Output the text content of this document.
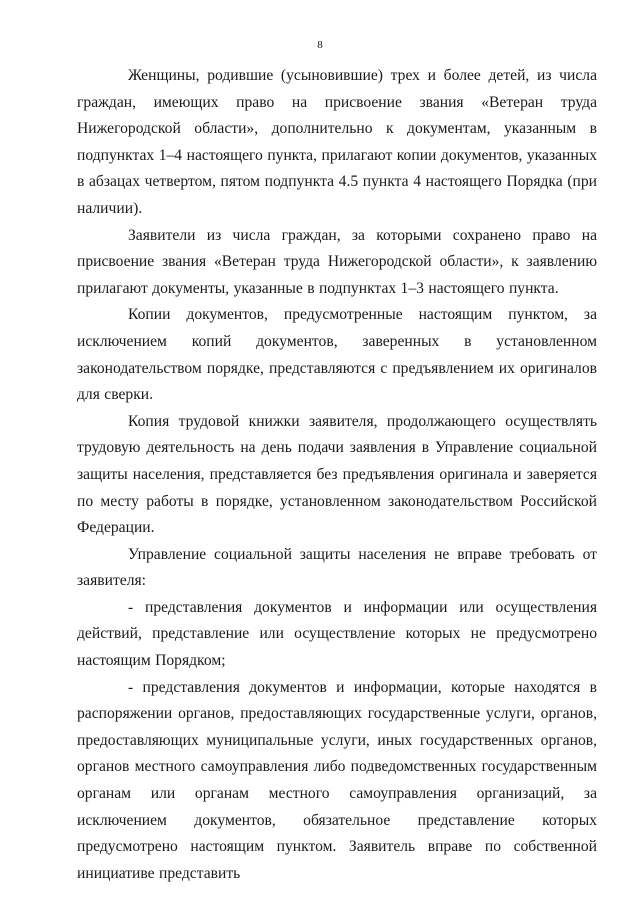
8

Женщины, родившие (усыновившие) трех и более детей, из числа граждан, имеющих право на присвоение звания «Ветеран труда Нижегородской области», дополнительно к документам, указанным в подпунктах 1–4 настоящего пункта, прилагают копии документов, указанных в абзацах четвертом, пятом подпункта 4.5 пункта 4 настоящего Порядка (при наличии).

Заявители из числа граждан, за которыми сохранено право на присвоение звания «Ветеран труда Нижегородской области», к заявлению прилагают документы, указанные в подпунктах 1–3 настоящего пункта.

Копии документов, предусмотренные настоящим пунктом, за исключением копий документов, заверенных в установленном законодательством порядке, представляются с предъявлением их оригиналов для сверки.

Копия трудовой книжки заявителя, продолжающего осуществлять трудовую деятельность на день подачи заявления в Управление социальной защиты населения, представляется без предъявления оригинала и заверяется по месту работы в порядке, установленном законодательством Российской Федерации.

Управление социальной защиты населения не вправе требовать от заявителя:

- представления документов и информации или осуществления действий, представление или осуществление которых не предусмотрено настоящим Порядком;

- представления документов и информации, которые находятся в распоряжении органов, предоставляющих государственные услуги, органов, предоставляющих муниципальные услуги, иных государственных органов, органов местного самоуправления либо подведомственных государственным органам или органам местного самоуправления организаций, за исключением документов, обязательное представление которых предусмотрено настоящим пунктом. Заявитель вправе по собственной инициативе представить
